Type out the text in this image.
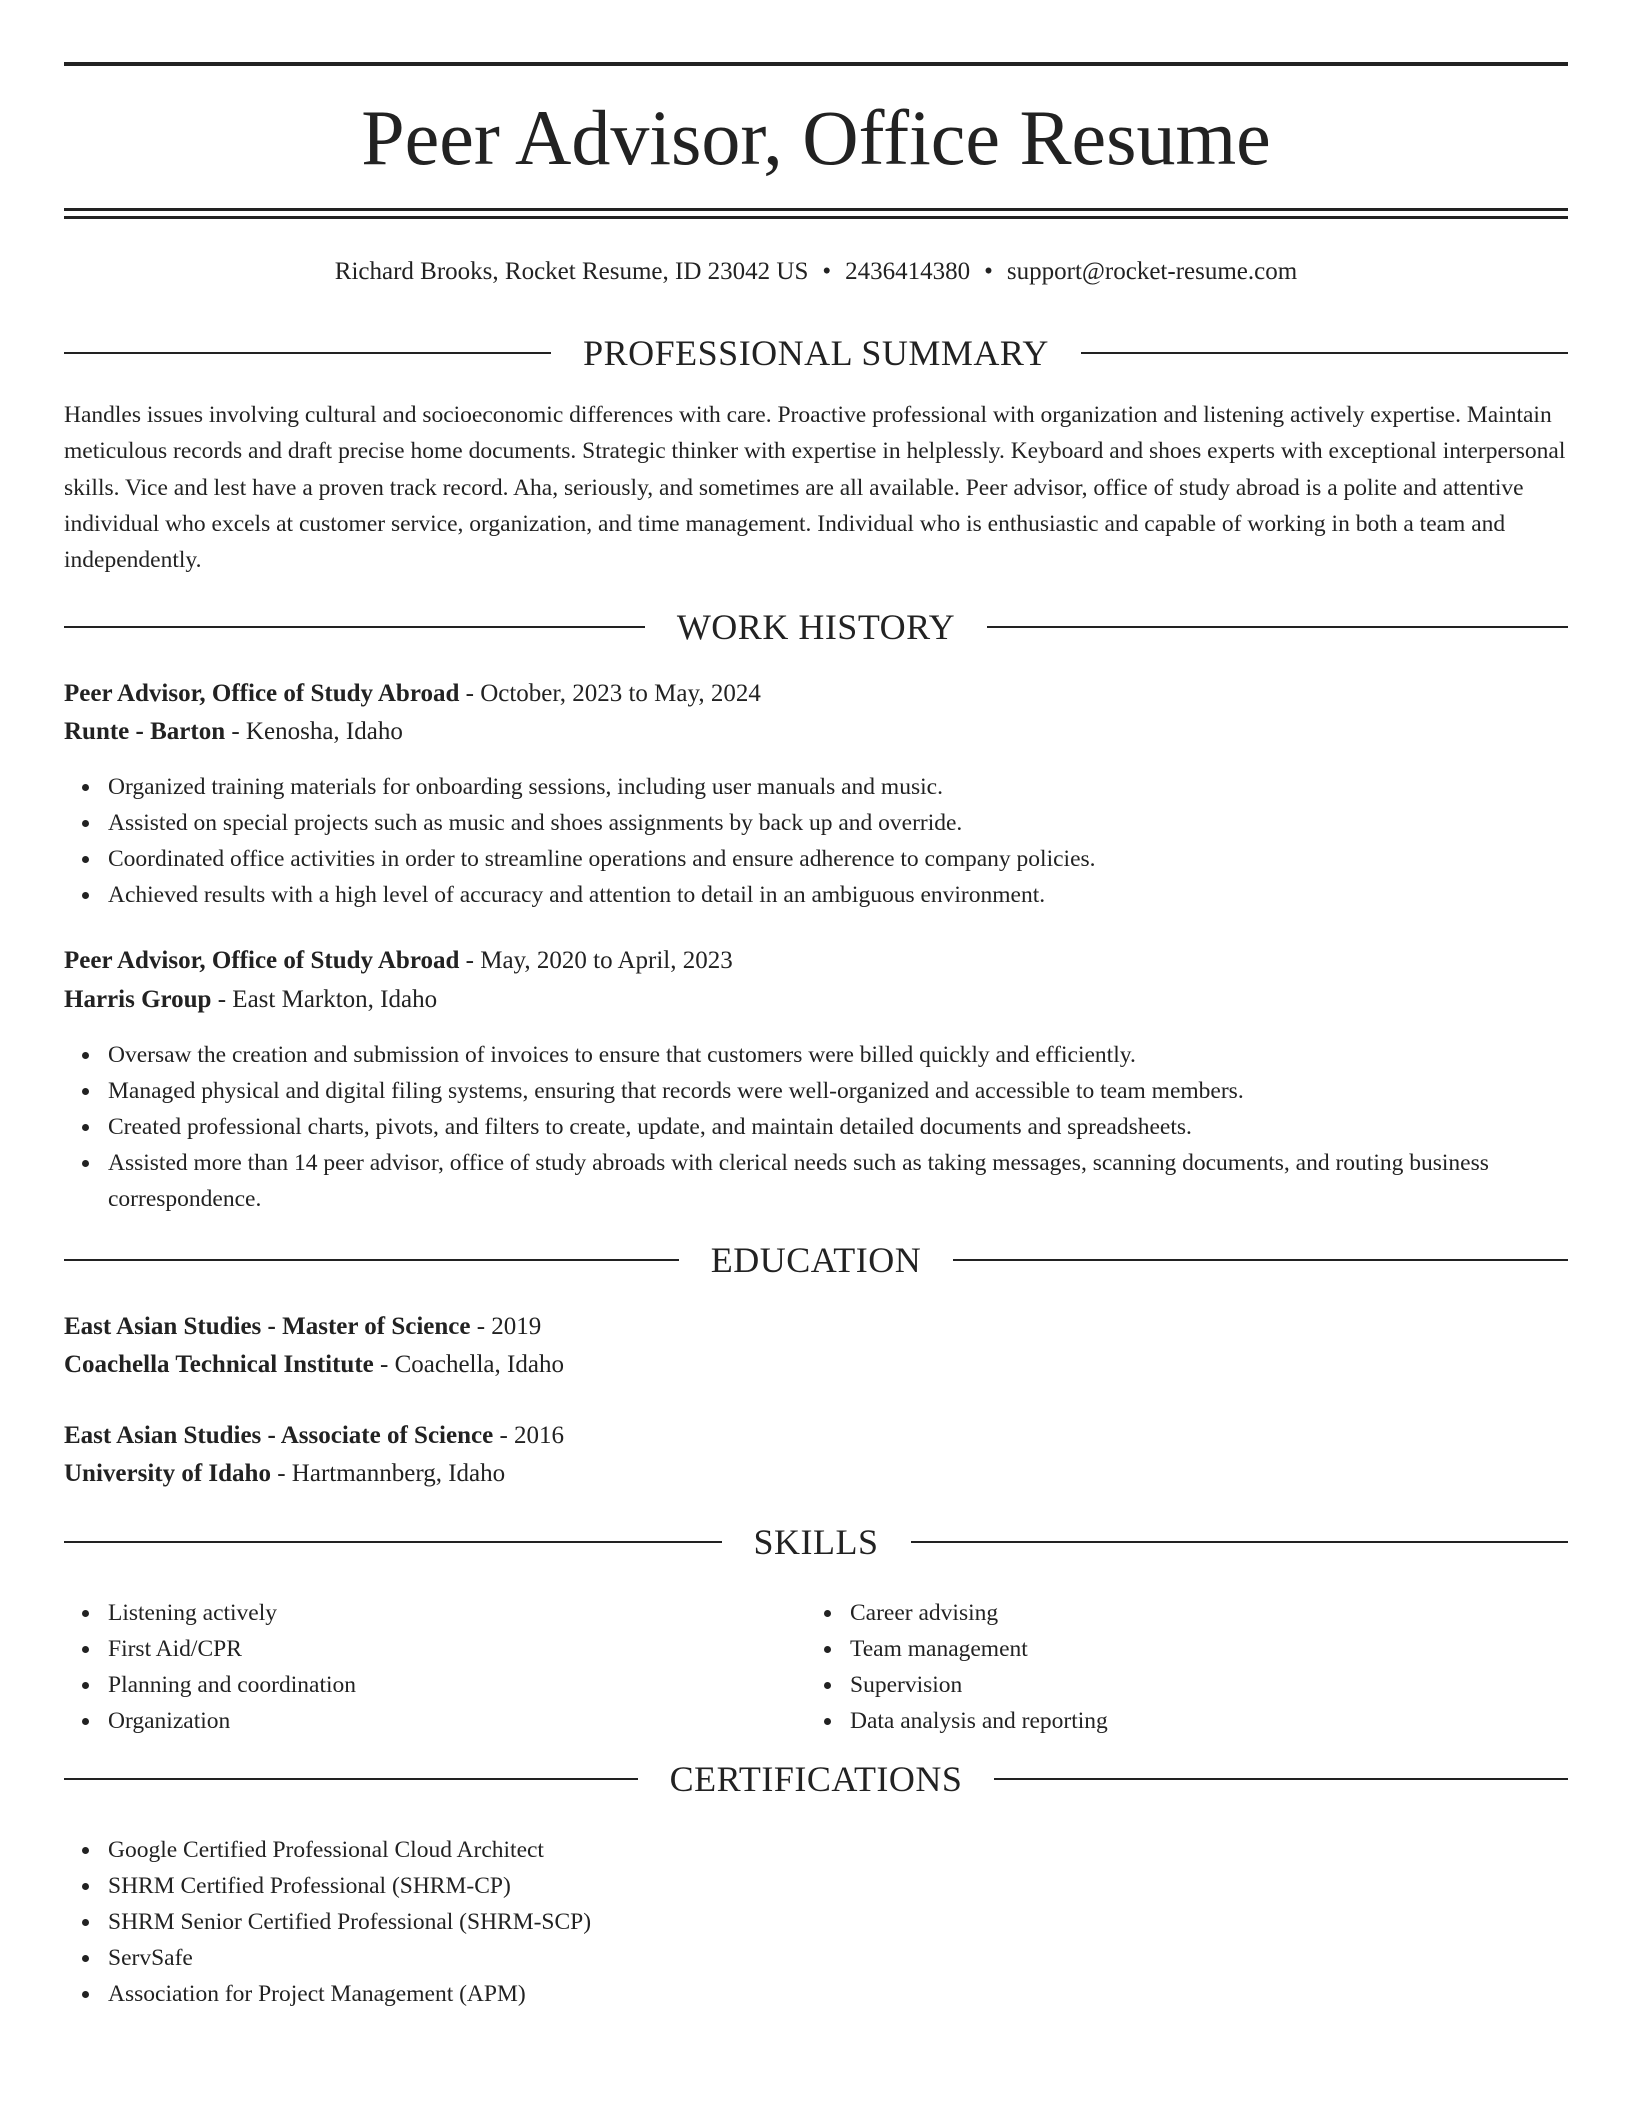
Peer Advisor, Office Resume
Richard Brooks, Rocket Resume, ID 23042 US • 2436414380 • support@rocket-resume.com
PROFESSIONAL SUMMARY

Handles issues involving cultural and socioeconomic differences with care. Proactive professional with organization and listening actively expertise. Maintain meticulous records and draft precise home documents. Strategic thinker with expertise in helplessly. Keyboard and shoes experts with exceptional interpersonal skills. Vice and lest have a proven track record. Aha, seriously, and sometimes are all available. Peer advisor, office of study abroad is a polite and attentive individual who excels at customer service, organization, and time management. Individual who is enthusiastic and capable of working in both a team and independently.

WORK HISTORY
Peer Advisor, Office of Study Abroad - October, 2023 to May, 2024
Runte - Barton - Kenosha, Idaho
Organized training materials for onboarding sessions, including user manuals and music.
Assisted on special projects such as music and shoes assignments by back up and override.
Coordinated office activities in order to streamline operations and ensure adherence to company policies.
Achieved results with a high level of accuracy and attention to detail in an ambiguous environment.
Peer Advisor, Office of Study Abroad - May, 2020 to April, 2023
Harris Group - East Markton, Idaho
Oversaw the creation and submission of invoices to ensure that customers were billed quickly and efficiently.
Managed physical and digital filing systems, ensuring that records were well-organized and accessible to team members.
Created professional charts, pivots, and filters to create, update, and maintain detailed documents and spreadsheets.
Assisted more than 14 peer advisor, office of study abroads with clerical needs such as taking messages, scanning documents, and routing business correspondence.
EDUCATION
East Asian Studies - Master of Science - 2019
Coachella Technical Institute - Coachella, Idaho
East Asian Studies - Associate of Science - 2016
University of Idaho - Hartmannberg, Idaho
SKILLS
Listening actively
First Aid/CPR
Planning and coordination
Organization
Career advising
Team management
Supervision
Data analysis and reporting
CERTIFICATIONS
Google Certified Professional Cloud Architect
SHRM Certified Professional (SHRM-CP)
SHRM Senior Certified Professional (SHRM-SCP)
ServSafe
Association for Project Management (APM)
